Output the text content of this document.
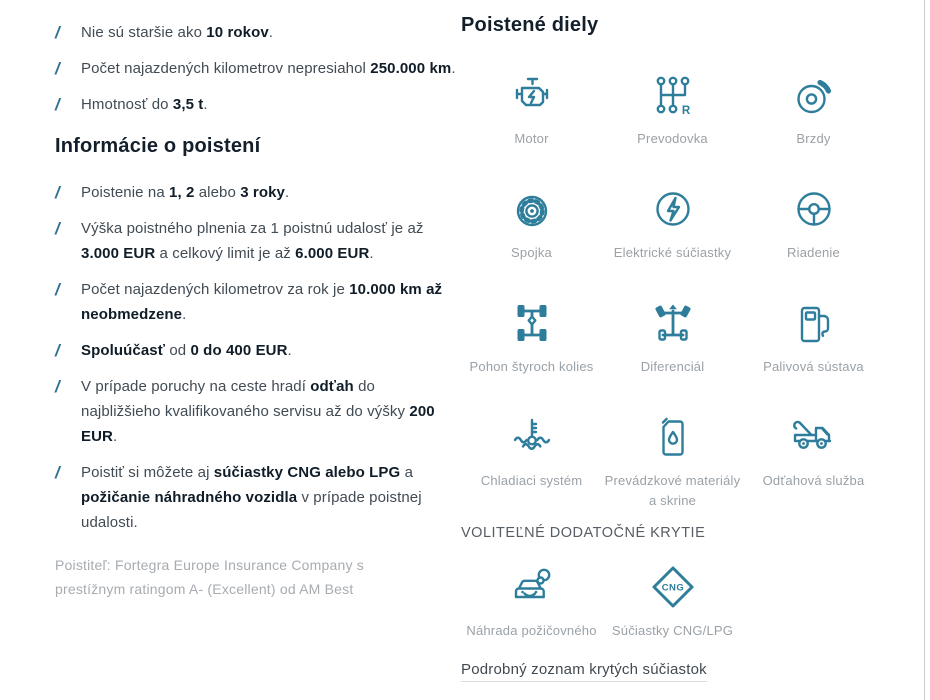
/	Nie sú staršie ako 10 rokov.

/	Počet najazdených kilometrov nepresiahol 250.000 km.

/	Hmotnosť do 3,5 t.

Informácie o poistení
/	Poistenie na 1, 2 alebo 3 roky.

/	Výška poistného plnenia za 1 poistnú udalosť je až 3.000 EUR a celkový limit je až 6.000 EUR.

/	Počet najazdených kilometrov za rok je 10.000 km až neobmedzene.

/	Spoluúčasť od 0 do 400 EUR.

/	V prípade poruchy na ceste hradí odťah do najbližšieho kvalifikovaného servisu až do výšky 200 EUR.

/	Poistiť si môžete aj súčiastky CNG alebo LPG a požičanie náhradného vozidla v prípade poistnej udalosti.

Poistiteľ: Fortegra Europe Insurance Company s prestížnym ratingom A- (Excellent) od AM Best

Poistené diely
Motor
R
Prevodovka	Brzdy
Spojka	Elektrické súčiastky	Riadenie
Pohon štyroch kolies	Diferenciál	Palivová sústava
Chladiaci systém Prevádzkové materiály a skrine
Odťahová služba
VOLITEĽNÉ DODATOČNÉ KRYTIE
Náhrada požičovného
CNG
Súčiastky CNG/LPG
Podrobný zoznam krytých súčiastok
